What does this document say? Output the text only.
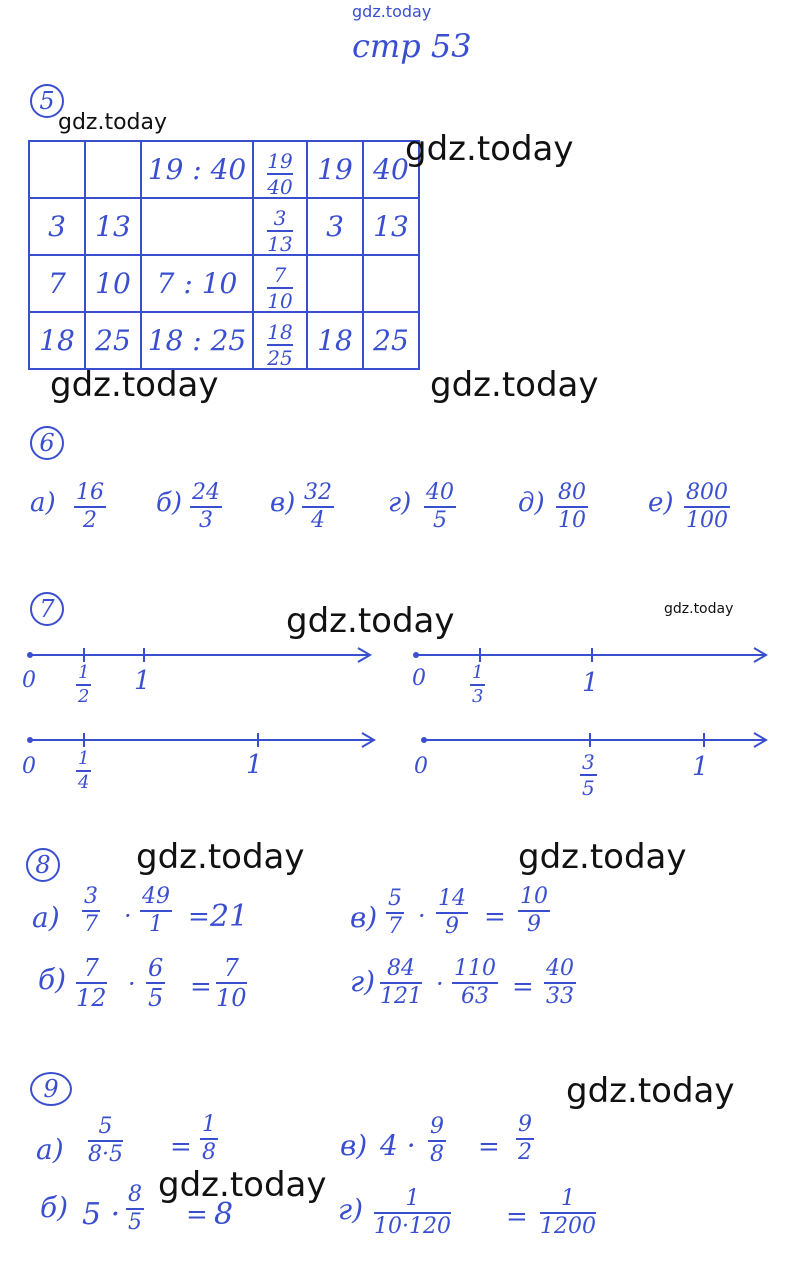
gdz.today
стр 53
5
gdz.today
		19 : 40	$\frac{19}{40}$	19	40
3	13		$\frac{3}{13}$	3	13
7	10	7 : 10	$\frac{7}{10}$

18	25	18 : 25	$\frac{18}{25}$	18	25
gdz.today
gdz.today	gdz.today
6
а) 16
2
б) 24
3
в) 32
4
г) 40
5
д) 80
10
е) 800
100
7	gdz.today	gdz.today
0 1
2
1	0	1
3	1
0 1
4
1	0	3
5
1
8	gdz.today	gdz.today
а)
3
7 ·
49
1 = 21	в)
5
7 ·
14
9 =
10
9
б) 7
12 ·
6
5 =
7
10	г) 84
121 ·
110
63 =
40
33
9	gdz.today
а)
5
8·5 =
1
8	в) 4 ·
9
8 =
9
2
б) 5 ·
8
5 = 8
gdz.today
г) 1
10·120 =
1
1200
